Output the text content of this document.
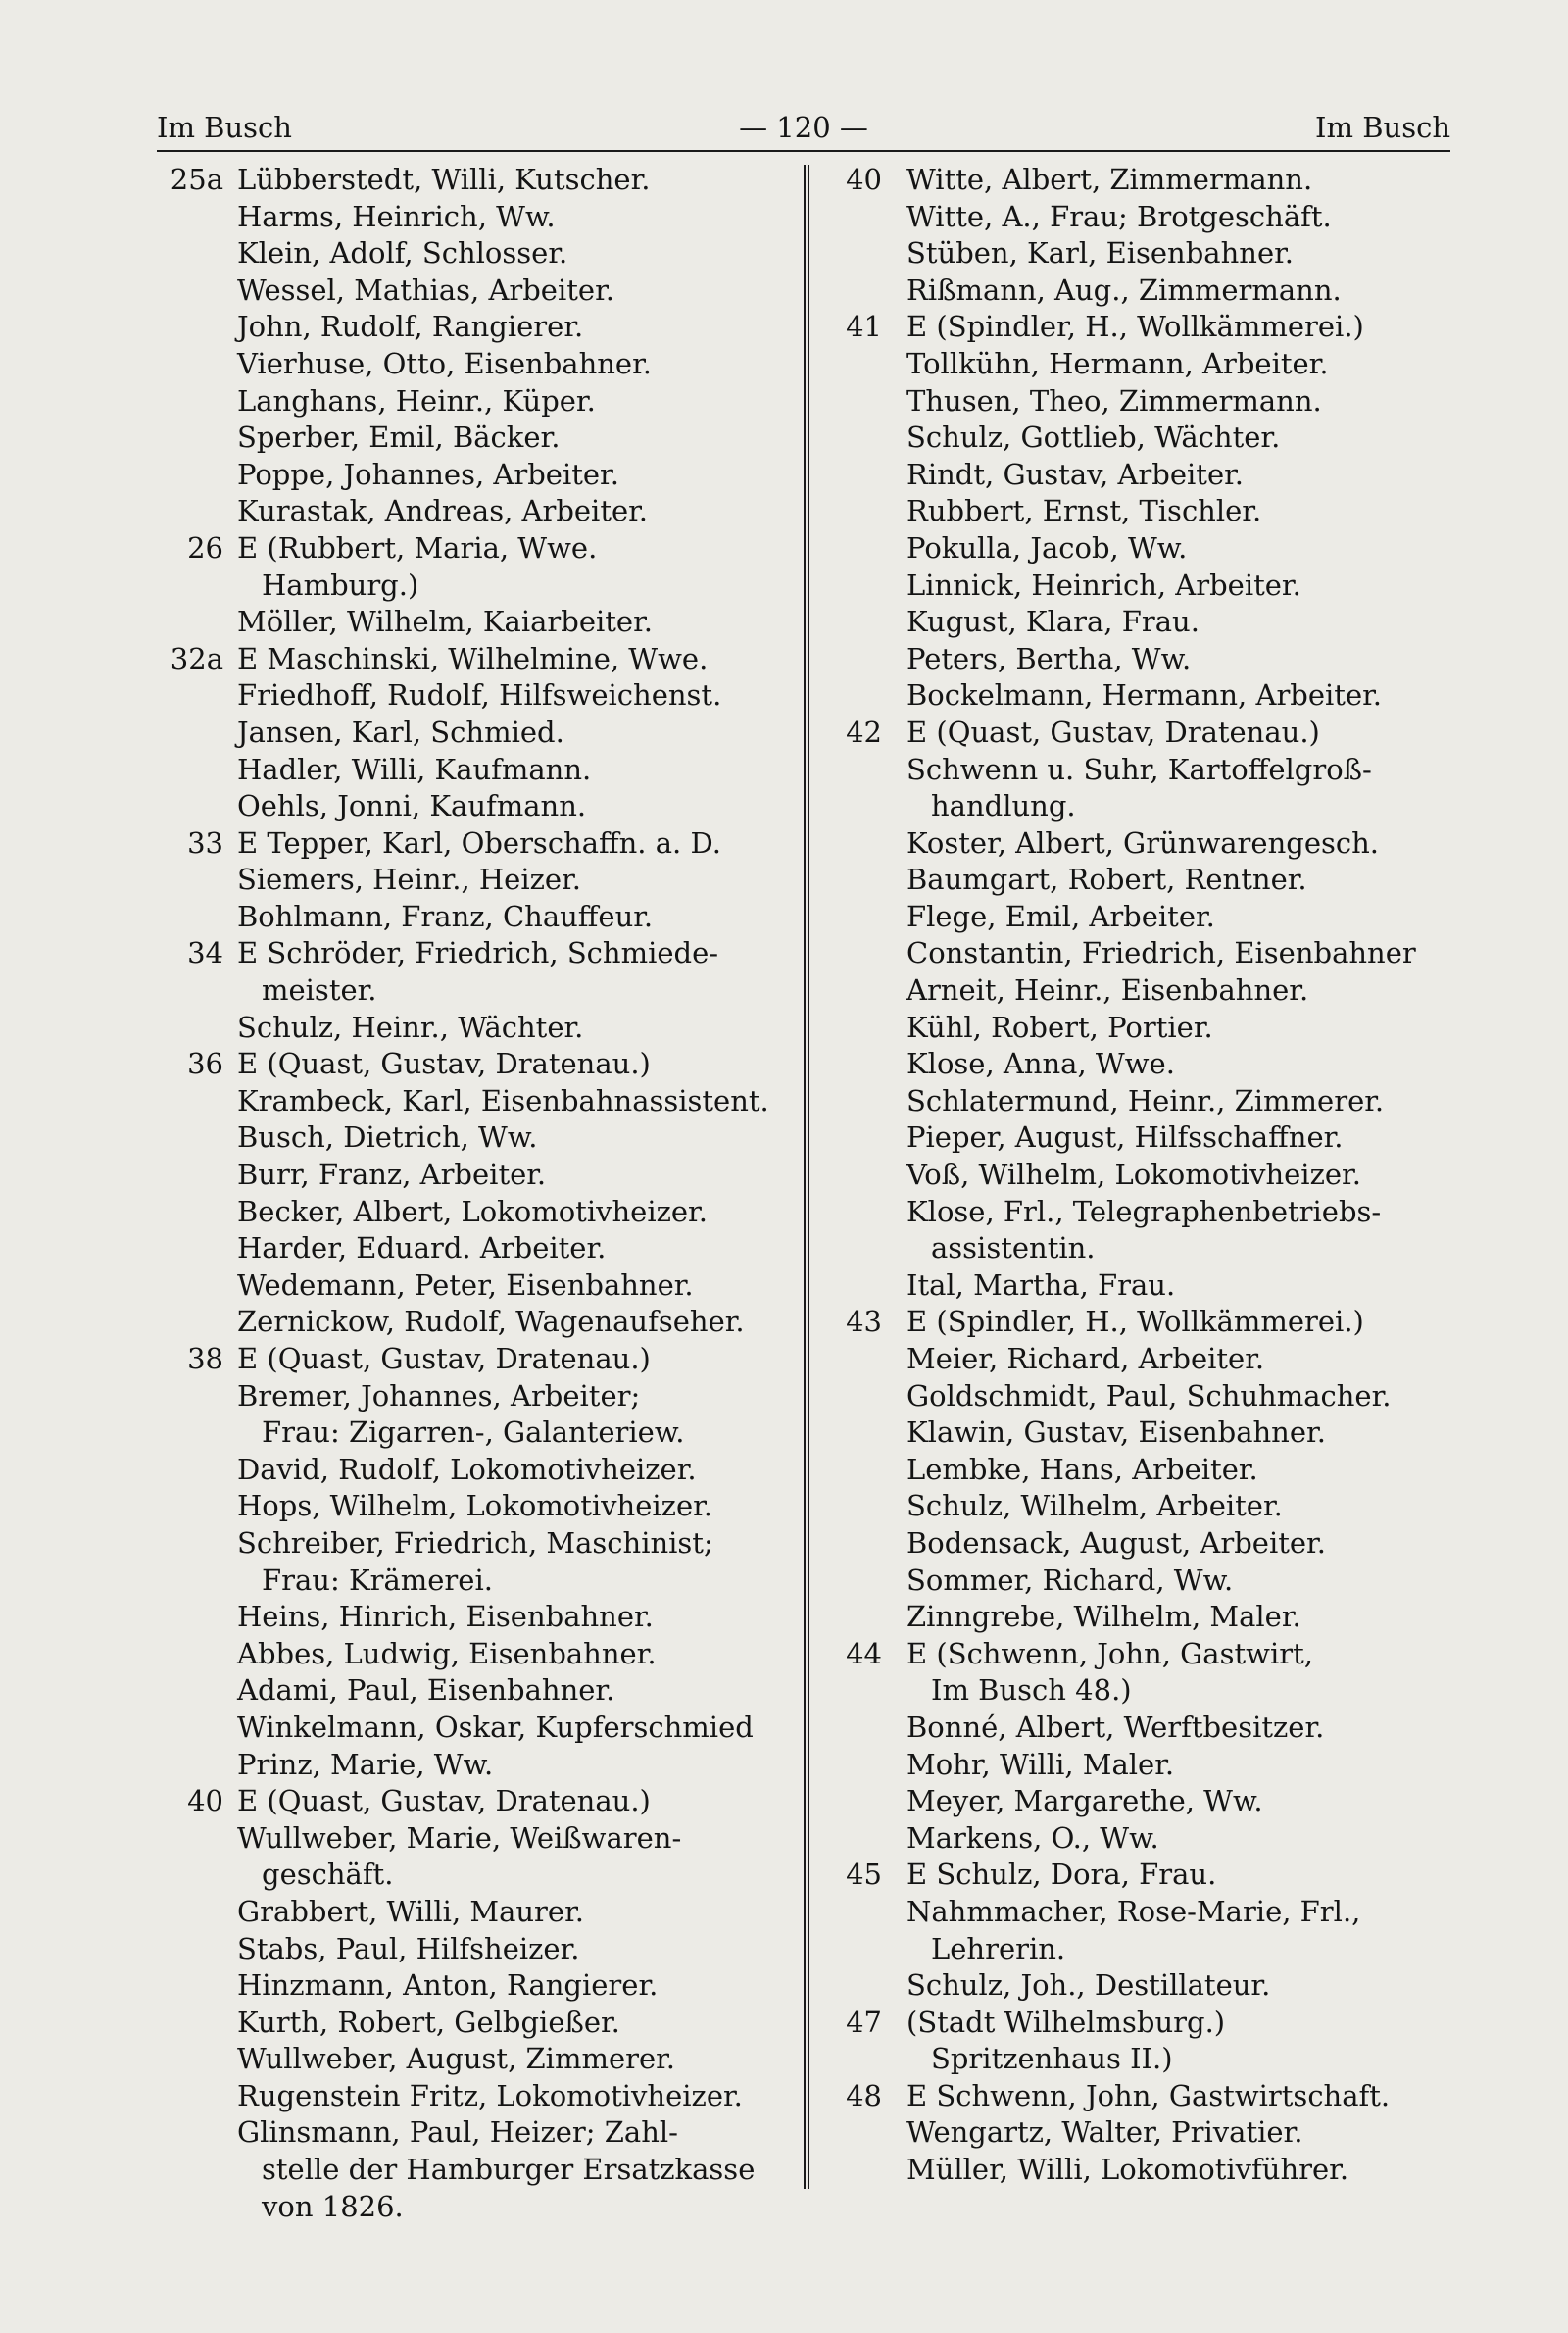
Im Busch	— 120 —	Im Busch
25a Lübberstedt, Willi, Kutscher.
Harms, Heinrich, Ww.
Klein, Adolf, Schlosser.
Wessel, Mathias, Arbeiter.
John, Rudolf, Rangierer.
Vierhuse, Otto, Eisenbahner.
Langhans, Heinr., Küper.
Sperber, Emil, Bäcker.
Poppe, Johannes, Arbeiter.
Kurastak, Andreas, Arbeiter.
26 E (Rubbert, Maria, Wwe.
Hamburg.)
Möller, Wilhelm, Kaiarbeiter.
32a E Maschinski, Wilhelmine, Wwe.
Friedhoff, Rudolf, Hilfsweichenst.
Jansen, Karl, Schmied.
Hadler, Willi, Kaufmann.
Oehls, Jonni, Kaufmann.
33 E Tepper, Karl, Oberschaffn. a. D.
Siemers, Heinr., Heizer.
Bohlmann, Franz, Chauffeur.
34 E Schröder, Friedrich, Schmiede-
meister.
Schulz, Heinr., Wächter.
36 E (Quast, Gustav, Dratenau.)
Krambeck, Karl, Eisenbahnassistent.
Busch, Dietrich, Ww.
Burr, Franz, Arbeiter.
Becker, Albert, Lokomotivheizer.
Harder, Eduard. Arbeiter.
Wedemann, Peter, Eisenbahner.
Zernickow, Rudolf, Wagenaufseher.
38 E (Quast, Gustav, Dratenau.)
Bremer, Johannes, Arbeiter;
Frau: Zigarren-, Galanteriew.
David, Rudolf, Lokomotivheizer.
Hops, Wilhelm, Lokomotivheizer.
Schreiber, Friedrich, Maschinist;
Frau: Krämerei.
Heins, Hinrich, Eisenbahner.
Abbes, Ludwig, Eisenbahner.
Adami, Paul, Eisenbahner.
Winkelmann, Oskar, Kupferschmied
Prinz, Marie, Ww.
40 E (Quast, Gustav, Dratenau.)
Wullweber, Marie, Weißwaren-
geschäft.
Grabbert, Willi, Maurer.
Stabs, Paul, Hilfsheizer.
Hinzmann, Anton, Rangierer.
Kurth, Robert, Gelbgießer.
Wullweber, August, Zimmerer.
Rugenstein Fritz, Lokomotivheizer.
Glinsmann, Paul, Heizer; Zahl-
stelle der Hamburger Ersatzkasse
von 1826.
40 Witte, Albert, Zimmermann.
Witte, A., Frau; Brotgeschäft.
Stüben, Karl, Eisenbahner.
Rißmann, Aug., Zimmermann.
41 E (Spindler, H., Wollkämmerei.)
Tollkühn, Hermann, Arbeiter.
Thusen, Theo, Zimmermann.
Schulz, Gottlieb, Wächter.
Rindt, Gustav, Arbeiter.
Rubbert, Ernst, Tischler.
Pokulla, Jacob, Ww.
Linnick, Heinrich, Arbeiter.
Kugust, Klara, Frau.
Peters, Bertha, Ww.
Bockelmann, Hermann, Arbeiter.
42 E (Quast, Gustav, Dratenau.)
Schwenn u. Suhr, Kartoffelgroß-
handlung.
Koster, Albert, Grünwarengesch.
Baumgart, Robert, Rentner.
Flege, Emil, Arbeiter.
Constantin, Friedrich, Eisenbahner
Arneit, Heinr., Eisenbahner.
Kühl, Robert, Portier.
Klose, Anna, Wwe.
Schlatermund, Heinr., Zimmerer.
Pieper, August, Hilfsschaffner.
Voß, Wilhelm, Lokomotivheizer.
Klose, Frl., Telegraphenbetriebs-
assistentin.
Ital, Martha, Frau.
43 E (Spindler, H., Wollkämmerei.)
Meier, Richard, Arbeiter.
Goldschmidt, Paul, Schuhmacher.
Klawin, Gustav, Eisenbahner.
Lembke, Hans, Arbeiter.
Schulz, Wilhelm, Arbeiter.
Bodensack, August, Arbeiter.
Sommer, Richard, Ww.
Zinngrebe, Wilhelm, Maler.
44 E (Schwenn, John, Gastwirt,
Im Busch 48.)
Bonné, Albert, Werftbesitzer.
Mohr, Willi, Maler.
Meyer, Margarethe, Ww.
Markens, O., Ww.
45 E Schulz, Dora, Frau.
Nahmmacher, Rose-Marie, Frl.,
Lehrerin.
Schulz, Joh., Destillateur.
47 (Stadt Wilhelmsburg.)
Spritzenhaus II.)
48 E Schwenn, John, Gastwirtschaft.
Wengartz, Walter, Privatier.
Müller, Willi, Lokomotivführer.
